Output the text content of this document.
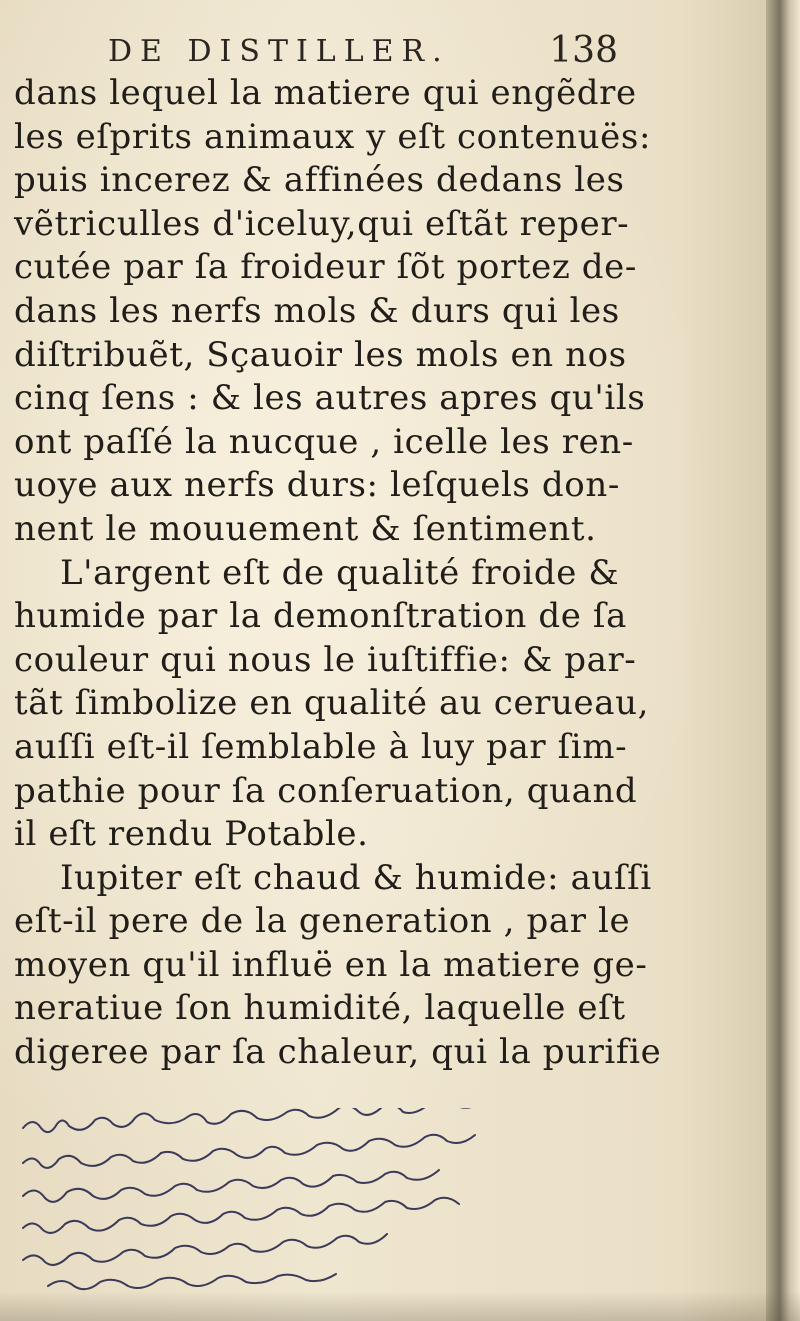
DE DISTILLER.	138
dans lequel la matiere qui engẽdre
les eſprits animaux y eſt contenuës:
puis incerez & affinées dedans les
vẽtriculles d'iceluy,qui eſtãt reper-
cutée par ſa froideur ſõt portez de-
dans les nerfs mols & durs qui les
diſtribuẽt, Sçauoir les mols en nos
cinq ſens : & les autres apres qu'ils
ont paſſé la nucque , icelle les ren-
uoye aux nerfs durs: leſquels don-
nent le mouuement & ſentiment.
L'argent eſt de qualité froide &
humide par la demonſtration de ſa
couleur qui nous le iuſtiffie: & par-
tãt ſimbolize en qualité au cerueau,
auſſi eſt-il ſemblable à luy par ſim-
pathie pour ſa conſeruation, quand
il eſt rendu Potable.
Iupiter eſt chaud & humide: auſſi
eſt-il pere de la generation , par le
moyen qu'il influë en la matiere ge-
neratiue ſon humidité, laquelle eſt
digeree par ſa chaleur, qui la purifie
